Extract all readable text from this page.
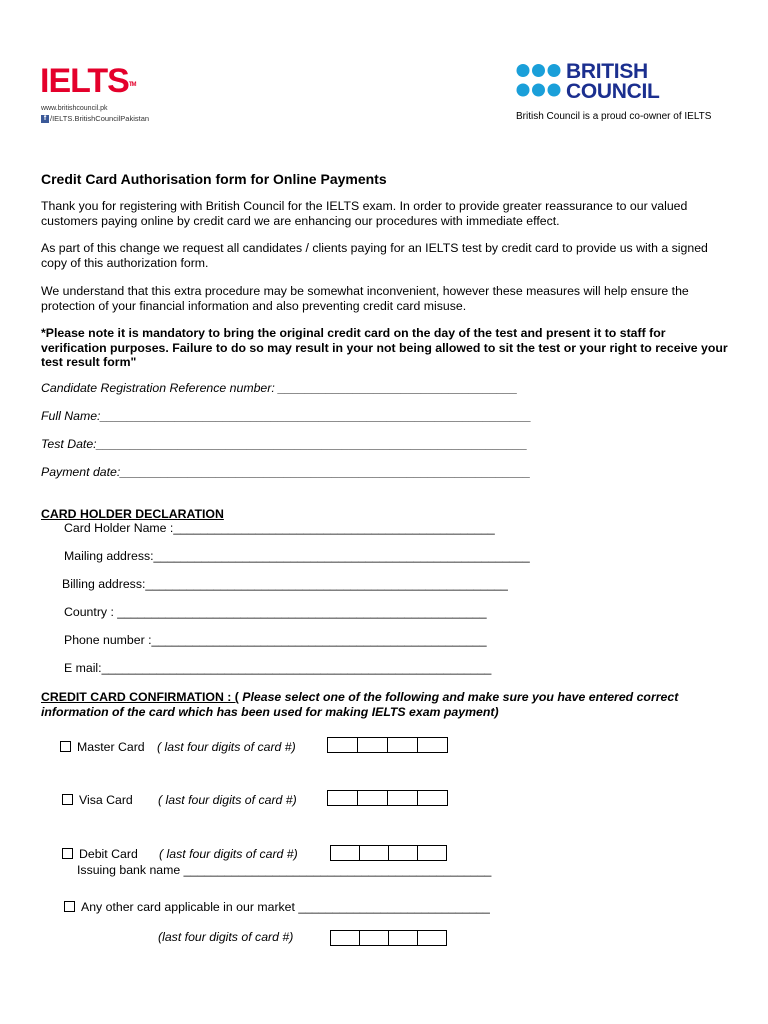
IELTS™
www.britishcouncil.pk
f /IELTS.BritishCouncilPakistan
BRITISH
COUNCIL
British Council is a proud co-owner of IELTS
Credit Card Authorisation form for Online Payments
Thank you for registering with British Council for the IELTS exam. In order to provide greater reassurance to our valued customers paying online by credit card we are enhancing our procedures with immediate effect.
As part of this change we request all candidates / clients paying for an IELTS test by credit card to provide us with a signed copy of this authorization form.
We understand that this extra procedure may be somewhat inconvenient, however these measures will help ensure the protection of your financial information and also preventing credit card misuse.
*Please note it is mandatory to bring the original credit card on the day of the test and present it to staff for verification purposes. Failure to do so may result in your not being allowed to sit the test or your right to receive your test result form"
Candidate Registration Reference number: ___________________________________
Full Name:_______________________________________________________________
Test Date:_______________________________________________________________
Payment date:____________________________________________________________
CARD HOLDER DECLARATION
Card Holder Name :_______________________________________________
Mailing address:_______________________________________________________
Billing address:_____________________________________________________
Country : ______________________________________________________
Phone number :_________________________________________________
E mail:_________________________________________________________
CREDIT CARD CONFIRMATION : ( Please select one of the following and make sure you have entered correct information of the card which has been used for making IELTS exam payment)
Master Card ( last four digits of card #)
Visa Card ( last four digits of card #)
Debit Card ( last four digits of card #)
Issuing bank name _____________________________________________
Any other card applicable in our market ____________________________
(last four digits of card #)
